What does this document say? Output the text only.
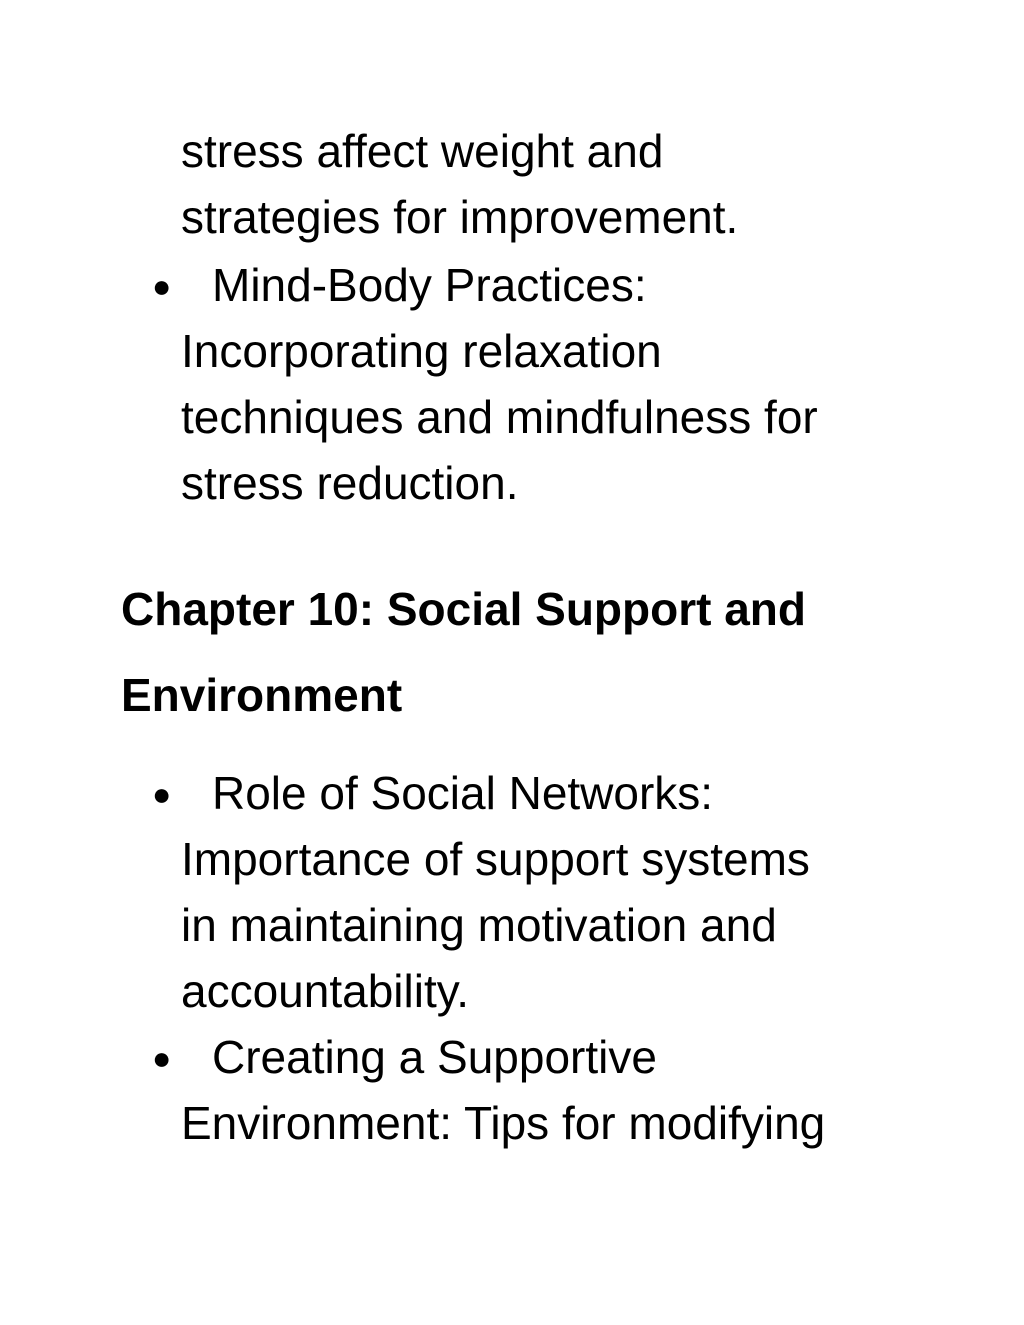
stress affect weight and
strategies for improvement.
● Mind-Body Practices:
Incorporating relaxation
techniques and mindfulness for
stress reduction.
Chapter 10: Social Support and
Environment
● Role of Social Networks:
Importance of support systems
in maintaining motivation and
accountability.
● Creating a Supportive
Environment: Tips for modifying
